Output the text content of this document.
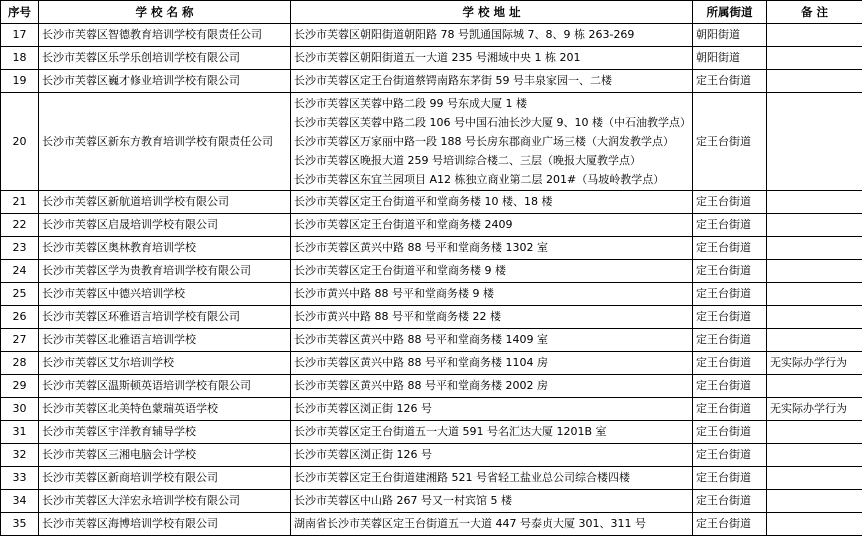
序号	学 校 名 称	学 校 地 址	所属街道	备 注
17	长沙市芙蓉区智德教育培训学校有限责任公司	长沙市芙蓉区朝阳街道朝阳路 78 号凯通国际城 7、8、9 栋 263-269	朝阳街道	
18	长沙市芙蓉区乐学乐创培训学校有限公司	长沙市芙蓉区朝阳街道五一大道 235 号湘域中央 1 栋 201	朝阳街道	
19	长沙市芙蓉区巍才修业培训学校有限公司	长沙市芙蓉区定王台街道蔡锷南路东茅街 59 号丰泉家园一、二楼	定王台街道	
20	长沙市芙蓉区新东方教育培训学校有限责任公司	长沙市芙蓉区芙蓉中路二段 99 号东成大厦 1 楼
长沙市芙蓉区芙蓉中路二段 106 号中国石油长沙大厦 9、10 楼（中石油教学点）
长沙市芙蓉区万家丽中路一段 188 号长房东郡商业广场三楼（大润发教学点）
长沙市芙蓉区晚报大道 259 号培训综合楼二、三层（晚报大厦教学点）
长沙市芙蓉区东宜兰园项目 A12 栋独立商业第二层 201#（马坡岭教学点）	定王台街道	
21	长沙市芙蓉区新航道培训学校有限公司	长沙市芙蓉区定王台街道平和堂商务楼 10 楼、18 楼	定王台街道	
22	长沙市芙蓉区启晟培训学校有限公司	长沙市芙蓉区定王台街道平和堂商务楼 2409	定王台街道	
23	长沙市芙蓉区奥林教育培训学校	长沙市芙蓉区黄兴中路 88 号平和堂商务楼 1302 室	定王台街道	
24	长沙市芙蓉区学为贵教育培训学校有限公司	长沙市芙蓉区定王台街道平和堂商务楼 9 楼	定王台街道	
25	长沙市芙蓉区中德兴培训学校	长沙市黄兴中路 88 号平和堂商务楼 9 楼	定王台街道	
26	长沙市芙蓉区环雅语言培训学校有限公司	长沙市黄兴中路 88 号平和堂商务楼 22 楼	定王台街道	
27	长沙市芙蓉区北雅语言培训学校	长沙市芙蓉区黄兴中路 88 号平和堂商务楼 1409 室	定王台街道	
28	长沙市芙蓉区艾尔培训学校	长沙市芙蓉区黄兴中路 88 号平和堂商务楼 1104 房	定王台街道	无实际办学行为
29	长沙市芙蓉区温斯顿英语培训学校有限公司	长沙市芙蓉区黄兴中路 88 号平和堂商务楼 2002 房	定王台街道	
30	长沙市芙蓉区北美特色蒙瑞英语学校	长沙市芙蓉区浏正街 126 号	定王台街道	无实际办学行为
31	长沙市芙蓉区宇洋教育辅导学校	长沙市芙蓉区定王台街道五一大道 591 号名汇达大厦 1201B 室	定王台街道	
32	长沙市芙蓉区三湘电脑会计学校	长沙市芙蓉区浏正街 126 号	定王台街道	
33	长沙市芙蓉区新商培训学校有限公司	长沙市芙蓉区定王台街道建湘路 521 号省轻工盐业总公司综合楼四楼	定王台街道	
34	长沙市芙蓉区大洋宏永培训学校有限公司	长沙市芙蓉区中山路 267 号又一村宾馆 5 楼	定王台街道	
35	长沙市芙蓉区海博培训学校有限公司	湖南省长沙市芙蓉区定王台街道五一大道 447 号泰贞大厦 301、311 号	定王台街道	
